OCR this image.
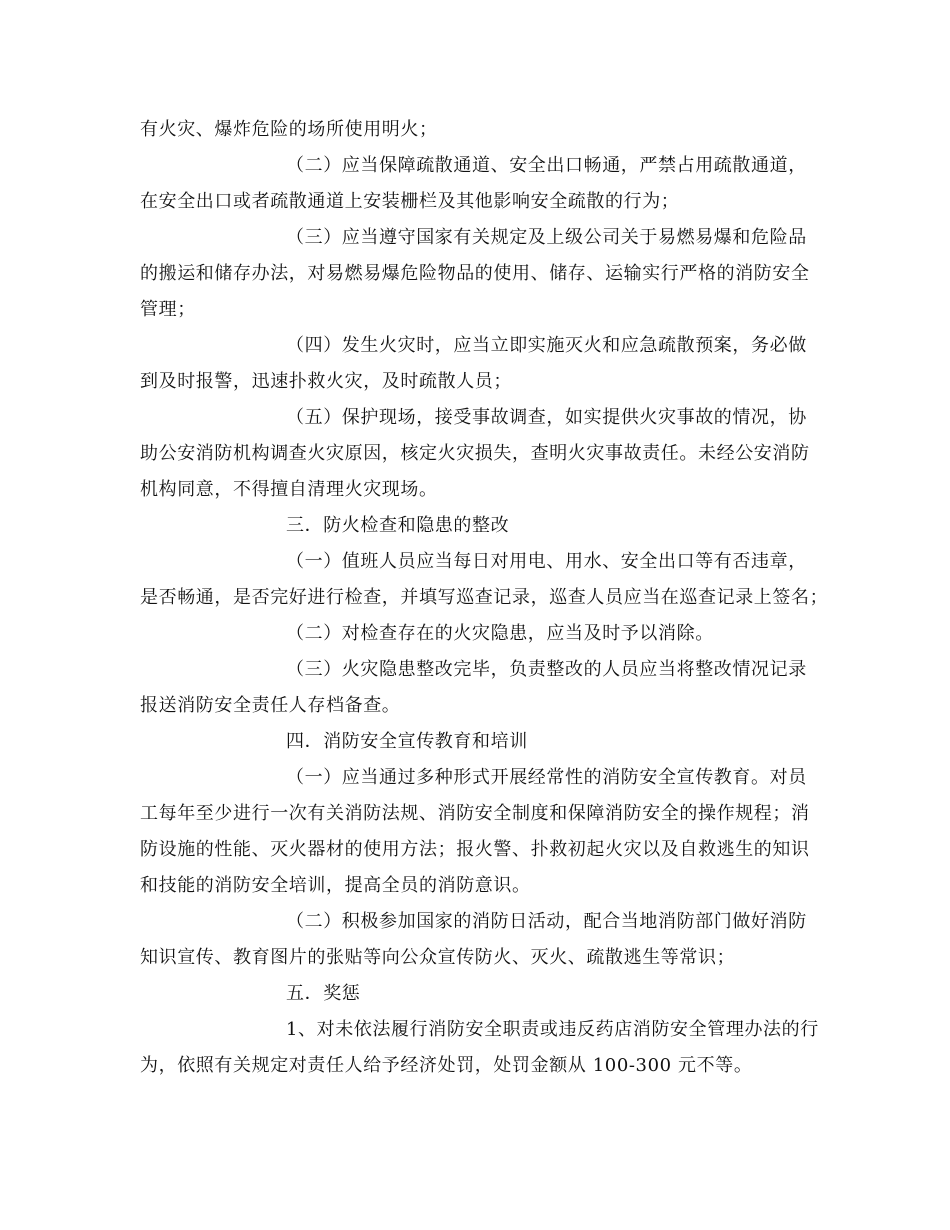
有火灾、爆炸危险的场所使用明火；
（二）应当保障疏散通道、安全出口畅通，严禁占用疏散通道，
在安全出口或者疏散通道上安装栅栏及其他影响安全疏散的行为；
（三）应当遵守国家有关规定及上级公司关于易燃易爆和危险品
的搬运和储存办法，对易燃易爆危险物品的使用、储存、运输实行严格的消防安全
管理；
（四）发生火灾时，应当立即实施灭火和应急疏散预案，务必做
到及时报警，迅速扑救火灾，及时疏散人员；
（五）保护现场，接受事故调查，如实提供火灾事故的情况，协
助公安消防机构调查火灾原因，核定火灾损失，查明火灾事故责任。未经公安消防
机构同意，不得擅自清理火灾现场。
三．防火检查和隐患的整改
（一）值班人员应当每日对用电、用水、安全出口等有否违章，
是否畅通，是否完好进行检查，并填写巡查记录，巡查人员应当在巡查记录上签名；
（二）对检查存在的火灾隐患，应当及时予以消除。
（三）火灾隐患整改完毕，负责整改的人员应当将整改情况记录
报送消防安全责任人存档备查。
四．消防安全宣传教育和培训
（一）应当通过多种形式开展经常性的消防安全宣传教育。对员
工每年至少进行一次有关消防法规、消防安全制度和保障消防安全的操作规程；消
防设施的性能、灭火器材的使用方法；报火警、扑救初起火灾以及自救逃生的知识
和技能的消防安全培训，提高全员的消防意识。
（二）积极参加国家的消防日活动，配合当地消防部门做好消防
知识宣传、教育图片的张贴等向公众宣传防火、灭火、疏散逃生等常识；
五．奖惩
1、对未依法履行消防安全职责或违反药店消防安全管理办法的行
为，依照有关规定对责任人给予经济处罚，处罚金额从 100-300 元不等。
